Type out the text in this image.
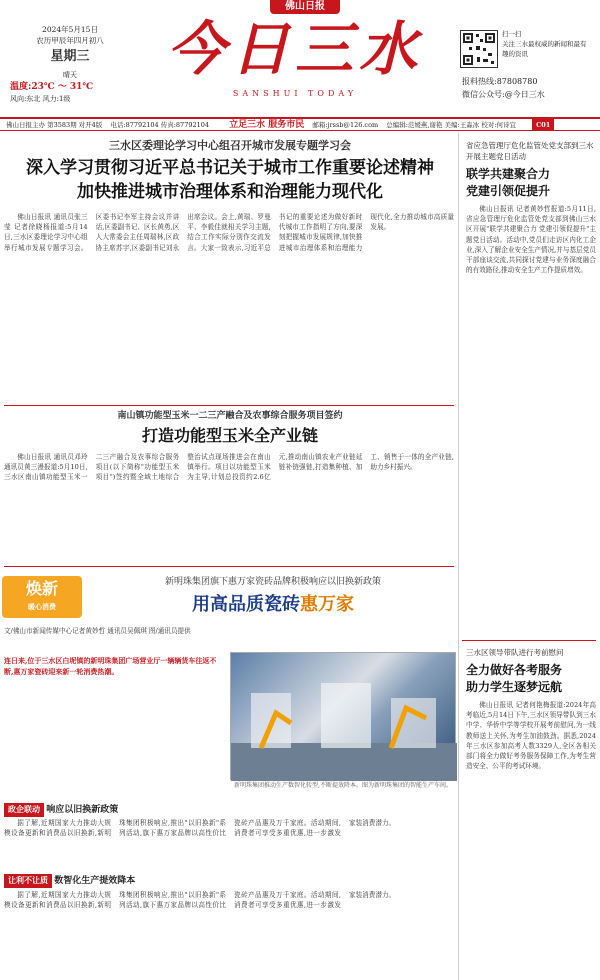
佛山日报
2024年5月15日
农历甲辰年四月初八
星期三
晴天
温度:23℃ ～ 31℃
风向:东北 风力:1级
今日三水
SANSHUI TODAY
扫一扫
关注三水最权威的新闻和最有趣的资讯
报料热线:87808780
微信公众号:@今日三水
佛山日报主办 第3583期 对开4版 电话:87792104 传真:87792104 立足三水 服务市民 邮箱:jrssb@126.com 总编辑:范媛燕,谢艳 美编:王淼冰 校对:何诗宜	C01
三水区委理论学习中心组召开城市发展专题学习会
深入学习贯彻习近平总书记关于城市工作重要论述精神
加快推进城市治理体系和治理能力现代化

佛山日报讯 通讯员张三莹 记者徐晓杨报道:5月14日,三水区委理论学习中心组举行城市发展专题学习会。区委书记李军主持会议并讲话,区委副书记、区长黄勇,区人大常委会主任周瑞林,区政协主席苏宇,区委副书记刘永出席会议。会上,黄瑞、罗曼平、李毅佳就相关学习主题,结合工作实际分别作交流发言。大家一致表示,习近平总书记的重要论述为做好新时代城市工作指明了方向,要深刻把握城市发展规律,加快推进城市治理体系和治理能力现代化,全力推动城市高质量发展。

南山镇功能型玉米一二三产融合及农事综合服务项目签约
打造功能型玉米全产业链

佛山日报讯 通讯员邓玲 通讯员黄三漫报道:5月10日,三水区南山镇功能型玉米一二三产融合及农事综合服务项目(以下简称"功能型玉米项目")签约暨全域土地综合整治试点现场推进会在南山镇举行。项目以功能型玉米为主导,计划总投资约2.6亿元,推动南山镇农业产业链延链补链强链,打造集种植、加工、销售于一体的全产业链,助力乡村振兴。

焕新
暖心消费
新明珠集团旗下惠万家瓷砖品牌积极响应以旧换新政策
用高品质瓷砖惠万家
文/佛山市新闻传媒中心记者黄妙哲 通讯员吴佩琪 图/通讯员提供
连日来,位于三水区白坭镇的新明珠集团广场营业厅一辆辆货车往返不断,惠万家瓷砖迎来新一轮消费热潮。
新明珠集团推动生产数智化转型,不断提效降本。图为新明珠集团的智能生产车间。
政企联动 响应以旧换新政策

据了解,近期国家大力推动大规模设备更新和消费品以旧换新,新明珠集团积极响应,推出"以旧换新"系列活动,旗下惠万家品牌以高性价比瓷砖产品惠及万千家庭。活动期间,消费者可享受多重优惠,进一步激发家装消费潜力。

让利不让质 数智化生产提效降本

据了解,近期国家大力推动大规模设备更新和消费品以旧换新,新明珠集团积极响应,推出"以旧换新"系列活动,旗下惠万家品牌以高性价比瓷砖产品惠及万千家庭。活动期间,消费者可享受多重优惠,进一步激发家装消费潜力。

省应急管理厅危化监管处党支部到三水开展主题党日活动
联学共建聚合力
党建引领促提升

佛山日报讯 记者黄妙哲报道:5月11日,省应急管理厅危化监管处党支部到佛山三水区开展"联学共建聚合力 党建引领促提升"主题党日活动。活动中,党员们走访区内化工企业,深入了解企业安全生产情况,并与基层党员干部座谈交流,共同探讨党建与业务深度融合的有效路径,推动安全生产工作提质增效。

三水区领导带队进行考前慰问
全力做好各考服务
助力学生逐梦远航

佛山日报讯 记者何艳梅报道:2024年高考临近,5月14日下午,三水区领导带队到三水中学、华侨中学等学校开展考前慰问,为一线教师送上关怀,为考生加油鼓劲。据悉,2024年三水区参加高考人数3329人,全区各相关部门将全力做好考务服务保障工作,为考生营造安全、公平的考试环境。
